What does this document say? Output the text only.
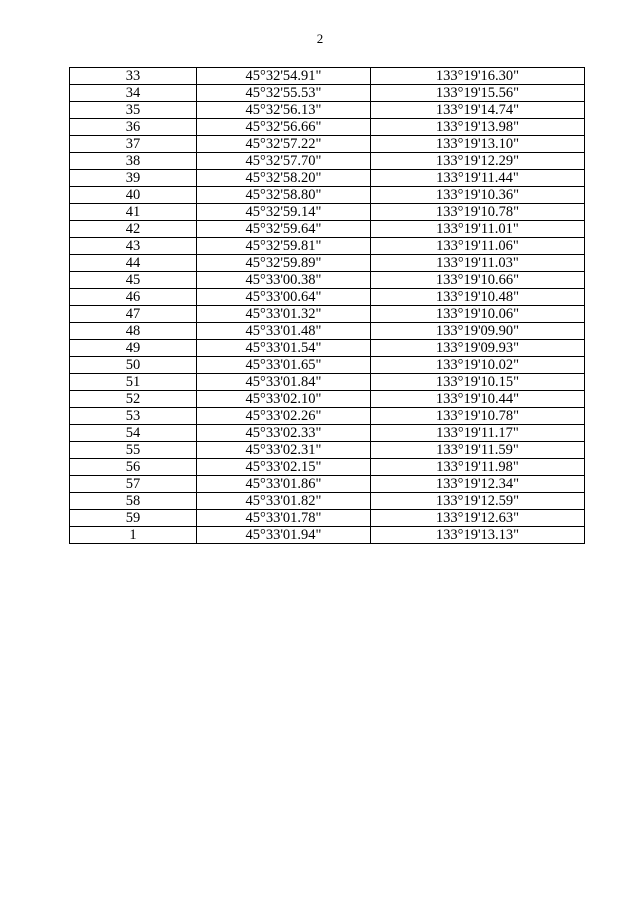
2
33	45°32'54.91"	133°19'16.30"
34	45°32'55.53"	133°19'15.56"
35	45°32'56.13"	133°19'14.74"
36	45°32'56.66"	133°19'13.98"
37	45°32'57.22"	133°19'13.10"
38	45°32'57.70"	133°19'12.29"
39	45°32'58.20"	133°19'11.44"
40	45°32'58.80"	133°19'10.36"
41	45°32'59.14"	133°19'10.78"
42	45°32'59.64"	133°19'11.01"
43	45°32'59.81"	133°19'11.06"
44	45°32'59.89"	133°19'11.03"
45	45°33'00.38"	133°19'10.66"
46	45°33'00.64"	133°19'10.48"
47	45°33'01.32"	133°19'10.06"
48	45°33'01.48"	133°19'09.90"
49	45°33'01.54"	133°19'09.93"
50	45°33'01.65"	133°19'10.02"
51	45°33'01.84"	133°19'10.15"
52	45°33'02.10"	133°19'10.44"
53	45°33'02.26"	133°19'10.78"
54	45°33'02.33"	133°19'11.17"
55	45°33'02.31"	133°19'11.59"
56	45°33'02.15"	133°19'11.98"
57	45°33'01.86"	133°19'12.34"
58	45°33'01.82"	133°19'12.59"
59	45°33'01.78"	133°19'12.63"
1	45°33'01.94"	133°19'13.13"
